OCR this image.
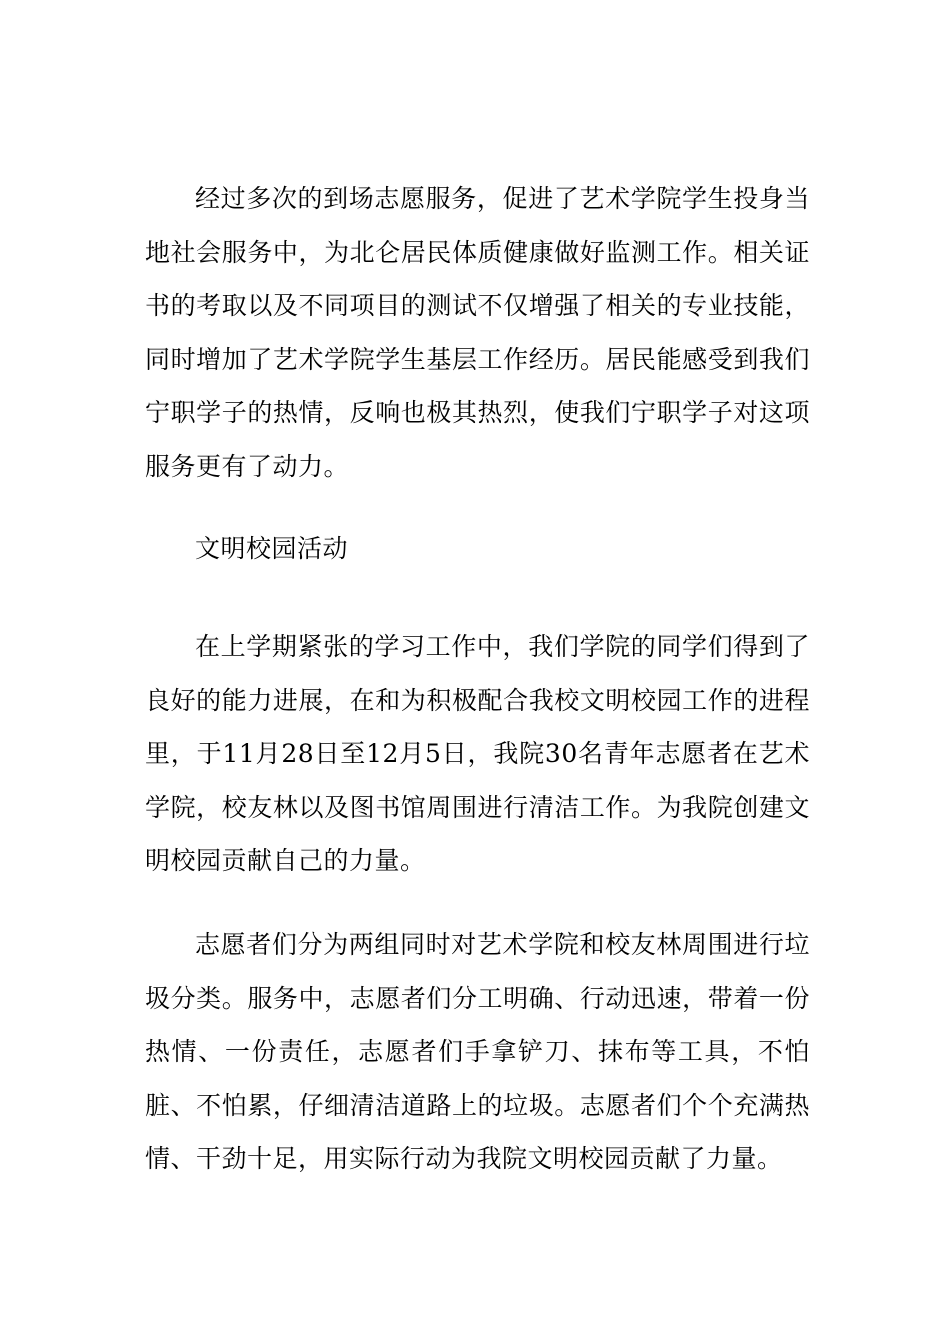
经过多次的到场志愿服务，促进了艺术学院学生投身当地社会服务中，为北仑居民体质健康做好监测工作。相关证书的考取以及不同项目的测试不仅增强了相关的专业技能，同时增加了艺术学院学生基层工作经历。居民能感受到我们宁职学子的热情，反响也极其热烈，使我们宁职学子对这项服务更有了动力。

文明校园活动

在上学期紧张的学习工作中，我们学院的同学们得到了良好的能力进展，在和为积极配合我校文明校园工作的进程里，于11月28日至12月5日，我院30名青年志愿者在艺术学院，校友林以及图书馆周围进行清洁工作。为我院创建文明校园贡献自己的力量。

志愿者们分为两组同时对艺术学院和校友林周围进行垃圾分类。服务中，志愿者们分工明确、行动迅速，带着一份热情、一份责任，志愿者们手拿铲刀、抹布等工具，不怕脏、不怕累，仔细清洁道路上的垃圾。志愿者们个个充满热情、干劲十足，用实际行动为我院文明校园贡献了力量。
